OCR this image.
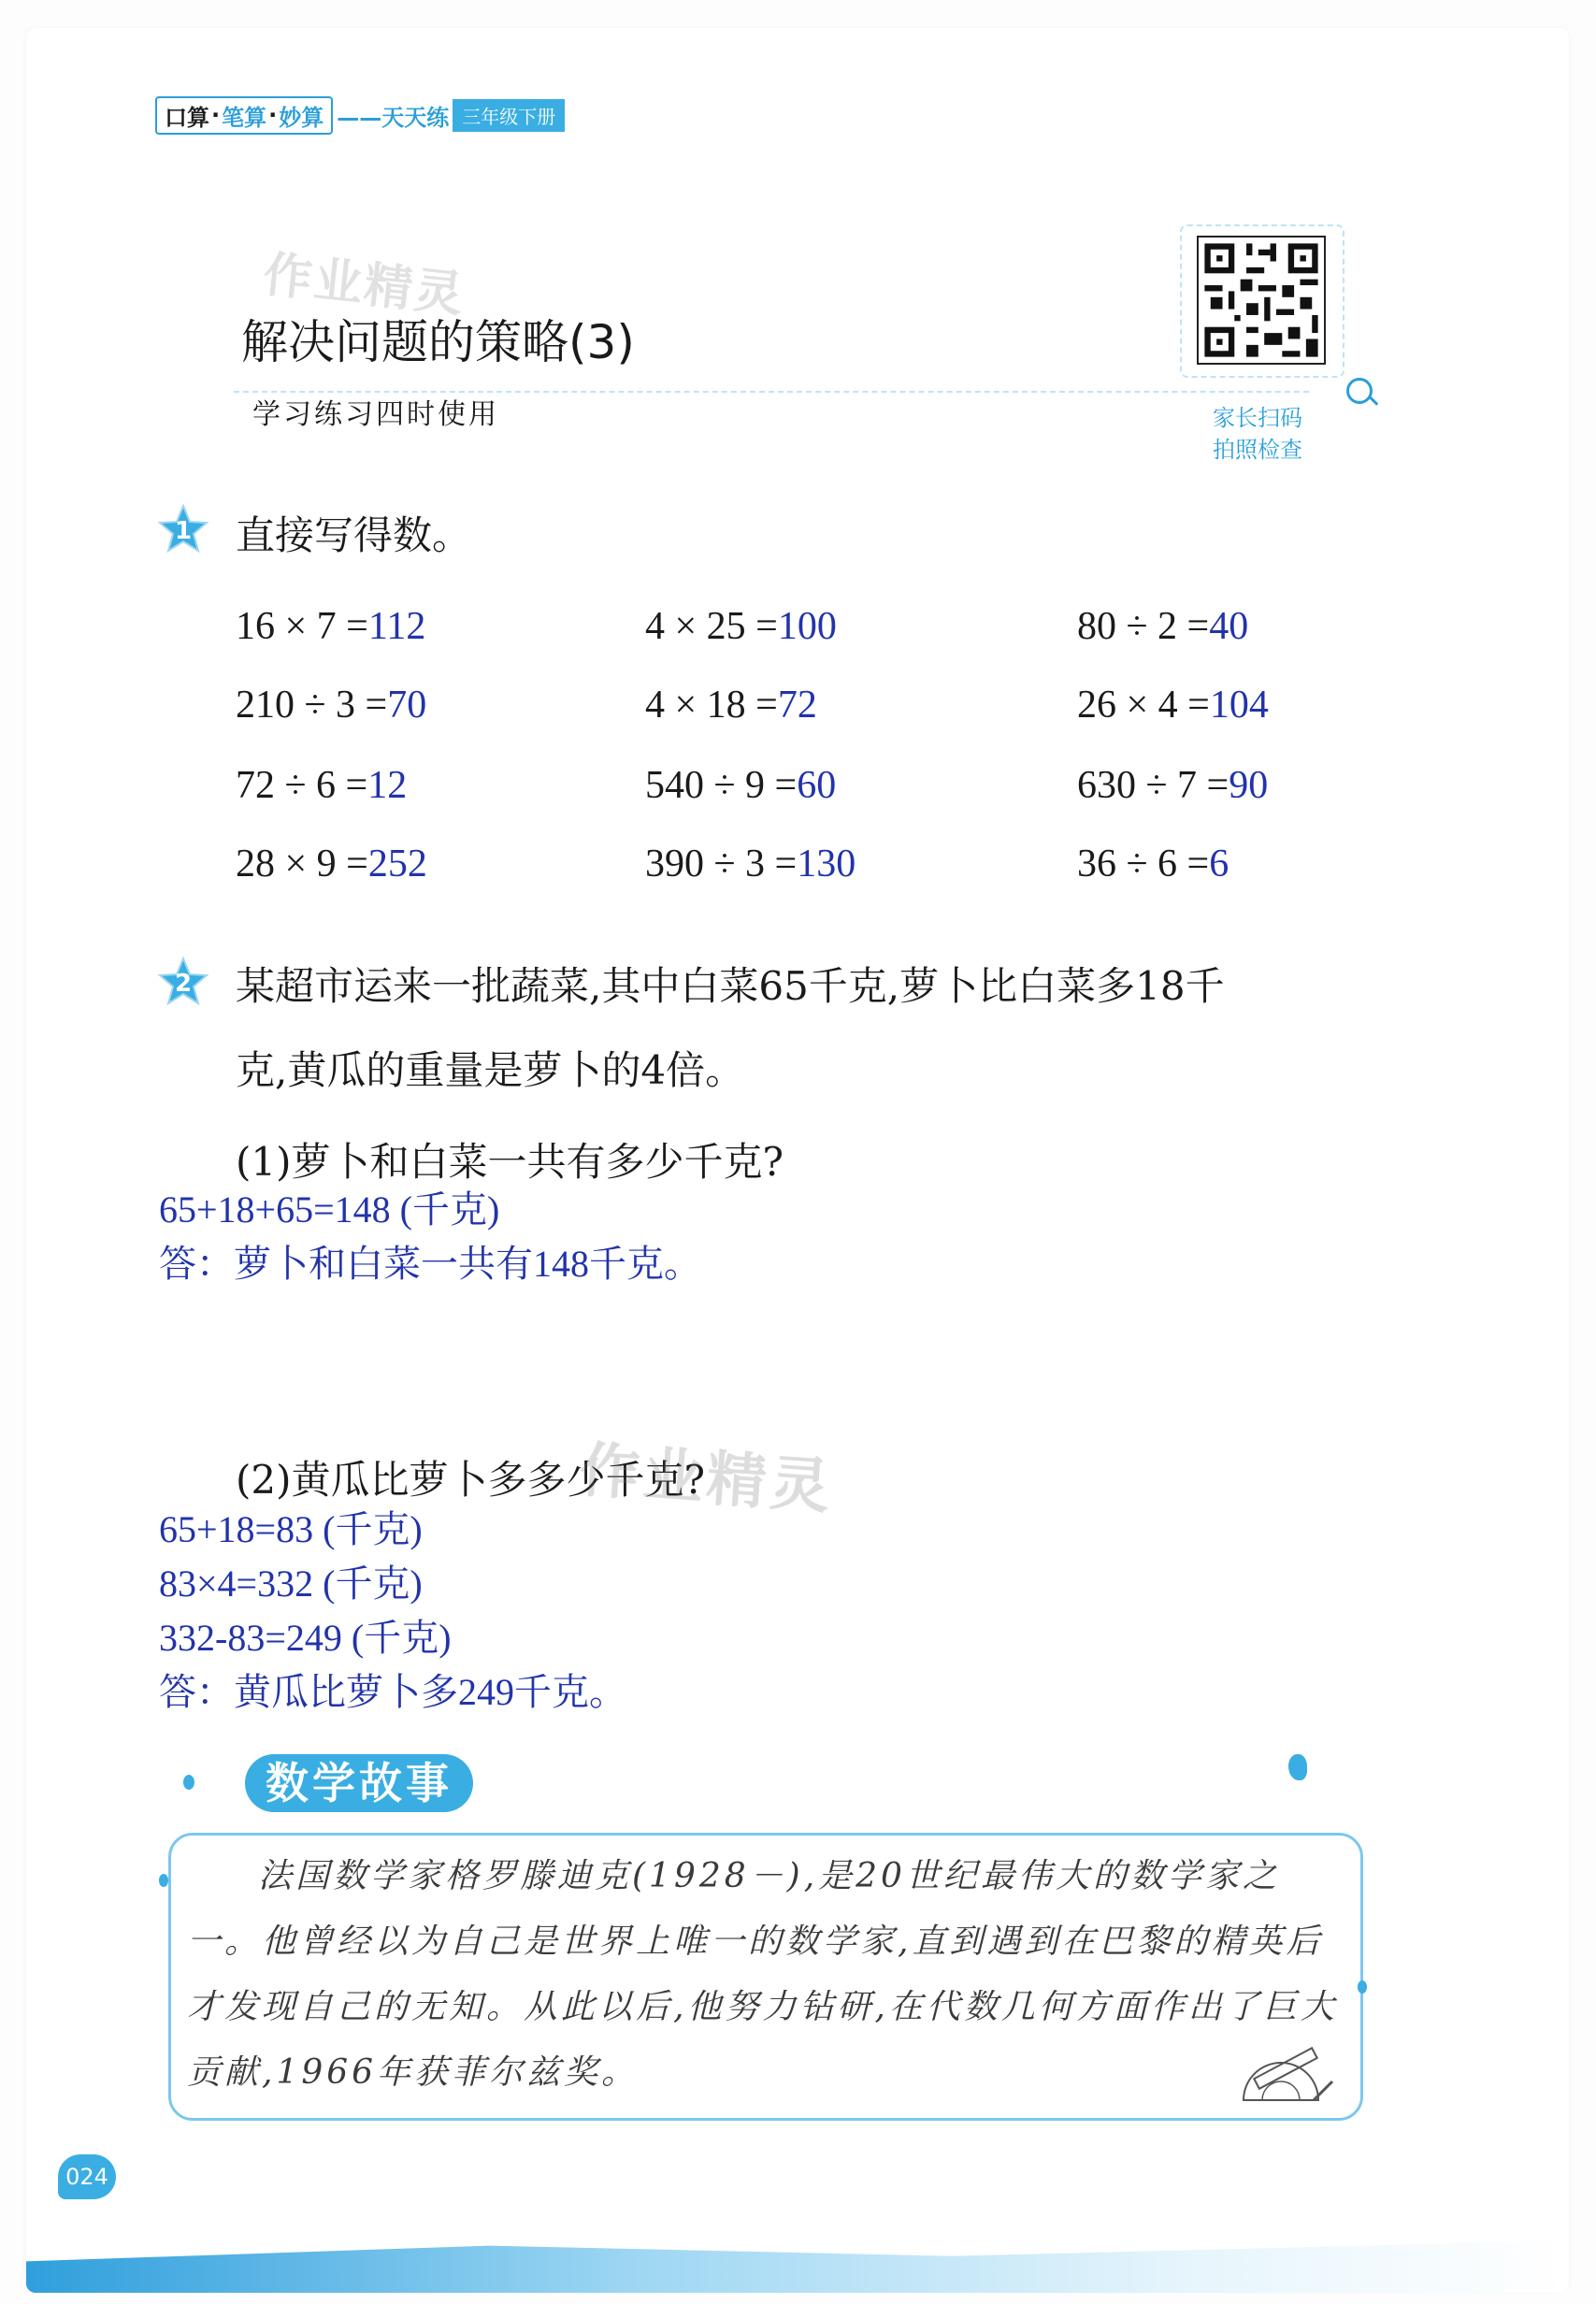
口算 · 笔算 · 妙算 ——天天练 三年级下册
作业精灵
解决问题的策略(3)
学习练习四时使用	家长扫码
拍照检查
1 直接写得数。
16 × 7 =112	4 × 25 =100	80 ÷ 2 =40
210 ÷ 3 =70	4 × 18 =72	26 × 4 =104
72 ÷ 6 =12	540 ÷ 9 =60	630 ÷ 7 =90
28 × 9 =252	390 ÷ 3 =130	36 ÷ 6 =6
2 某超市运来一批蔬菜,其中白菜65千克,萝卜比白菜多18千
克,黄瓜的重量是萝卜的4倍。
(1)萝卜和白菜一共有多少千克?
65+18+65=148 (千克)
答：萝卜和白菜一共有148千克。
(2)黄瓜比萝卜多多少千克?
作业精灵
65+18=83 (千克)
83×4=332 (千克)
332-83=249 (千克)
答：黄瓜比萝卜多249千克。
数学故事
法国数学家格罗滕迪克(1928－),是20世纪最伟大的数学家之一。他曾经以为自己是世界上唯一的数学家,直到遇到在巴黎的精英后才发现自己的无知。从此以后,他努力钻研,在代数几何方面作出了巨大贡献,1966年获菲尔兹奖。
024
